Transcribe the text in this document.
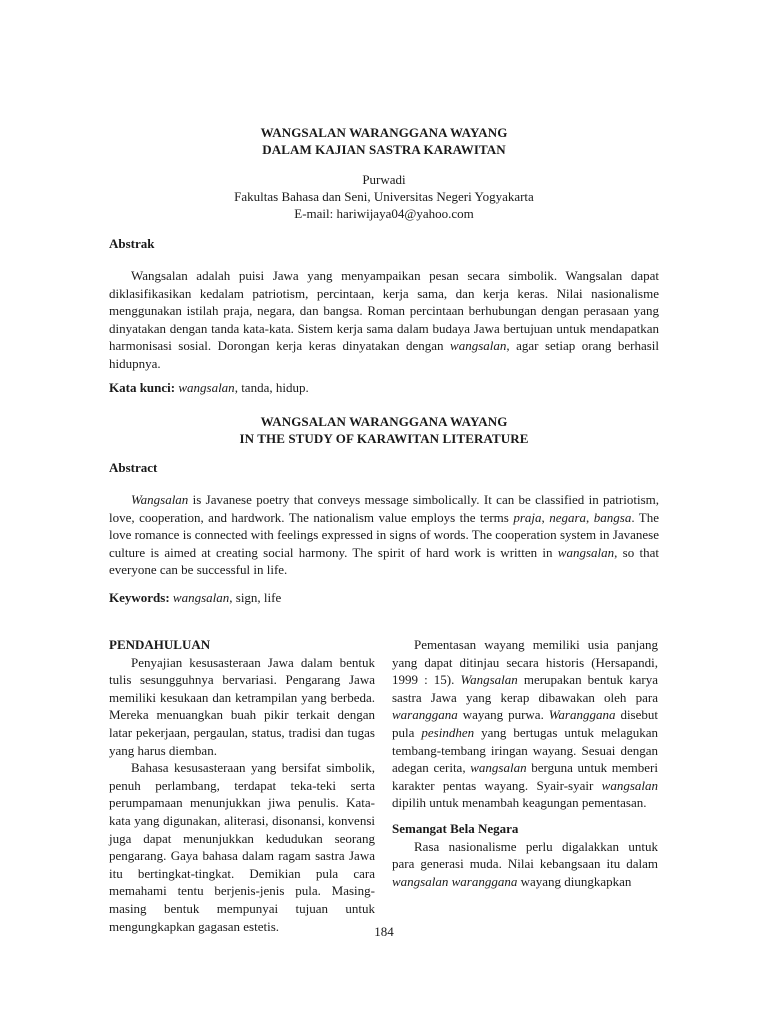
WANGSALAN WARANGGANA WAYANG
DALAM KAJIAN SASTRA KARAWITAN
Purwadi
Fakultas Bahasa dan Seni, Universitas Negeri Yogyakarta
E-mail: hariwijaya04@yahoo.com
Abstrak
Wangsalan adalah puisi Jawa yang menyampaikan pesan secara simbolik. Wangsalan dapat diklasifikasikan kedalam patriotism, percintaan, kerja sama, dan kerja keras. Nilai nasionalisme menggunakan istilah praja, negara, dan bangsa. Roman percintaan berhubungan dengan perasaan yang dinyatakan dengan tanda kata-kata. Sistem kerja sama dalam budaya Jawa bertujuan untuk mendapatkan harmonisasi sosial. Dorongan kerja keras dinyatakan dengan wangsalan, agar setiap orang berhasil hidupnya.
Kata kunci: wangsalan, tanda, hidup.
WANGSALAN WARANGGANA WAYANG
IN THE STUDY OF KARAWITAN LITERATURE
Abstract
Wangsalan is Javanese poetry that conveys message simbolically. It can be classified in patriotism, love, cooperation, and hardwork. The nationalism value employs the terms praja, negara, bangsa. The love romance is connected with feelings expressed in signs of words. The cooperation system in Javanese culture is aimed at creating social harmony. The spirit of hard work is written in wangsalan, so that everyone can be successful in life.
Keywords: wangsalan, sign, life

PENDAHULUAN

Penyajian kesusasteraan Jawa dalam bentuk tulis sesungguhnya bervariasi. Pengarang Jawa memiliki kesukaan dan ketrampilan yang berbeda. Mereka menuangkan buah pikir terkait dengan latar pekerjaan, pergaulan, status, tradisi dan tugas yang harus diemban.

Bahasa kesusasteraan yang bersifat simbolik, penuh perlambang, terdapat teka-teki serta perumpamaan menunjukkan jiwa penulis. Kata-kata yang digunakan, aliterasi, disonansi, konvensi juga dapat menunjukkan kedudukan seorang pengarang. Gaya bahasa dalam ragam sastra Jawa itu bertingkat-tingkat. Demikian pula cara memahami tentu berjenis-jenis pula. Masing-masing bentuk mempunyai tujuan untuk mengungkapkan gagasan estetis.

Pementasan wayang memiliki usia panjang yang dapat ditinjau secara historis (Hersapandi, 1999 : 15). Wangsalan merupakan bentuk karya sastra Jawa yang kerap dibawakan oleh para waranggana wayang purwa. Waranggana disebut pula pesindhen yang bertugas untuk melagukan tembang-tembang iringan wayang. Sesuai dengan adegan cerita, wangsalan berguna untuk memberi karakter pentas wayang. Syair-syair wangsalan dipilih untuk menambah keagungan pementasan.

Semangat Bela Negara

Rasa nasionalisme perlu digalakkan untuk para generasi muda. Nilai kebangsaan itu dalam wangsalan waranggana wayang diungkapkan

184
